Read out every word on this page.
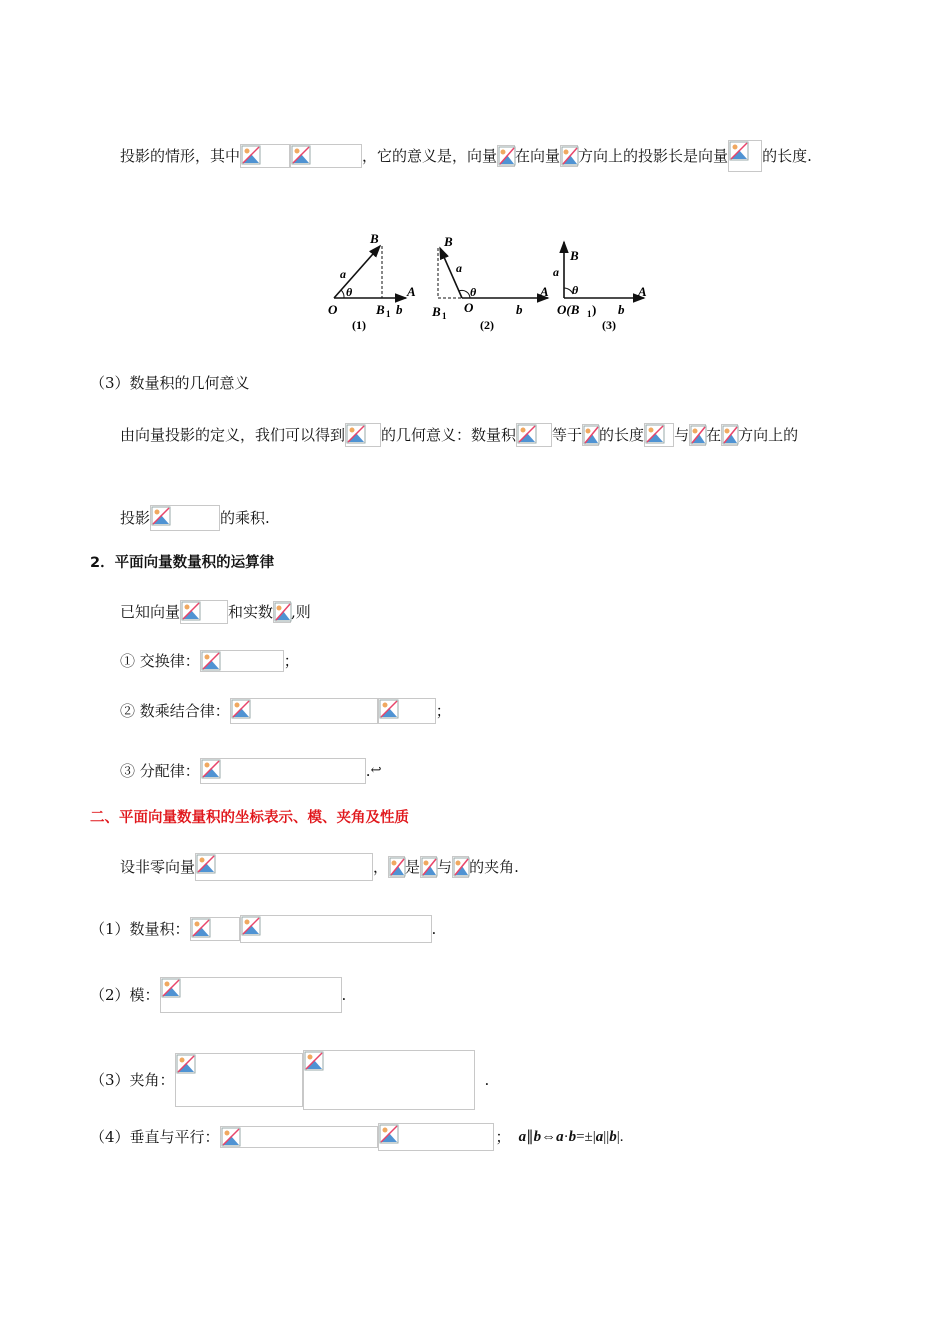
投影的情形，其中	，它的意义是，向量 在向量 方向上的投影长是向量 的长度.
B
a
θ
O	B 1 b
A
(1)
B
a
θ
B 1
O	b
A
(2)
B
a
θ
O(B 1 ) b
A
(3)
（3）数量积的几何意义
由向量投影的定义，我们可以得到 的几何意义：数量积 等于 的长度 与 在 方向上的
投影	的乘积.
2．平面向量数量积的运算律
已知向量	和实数 ,则
① 交换律：	；
② 数乘结合律：	；
③ 分配律：	.↩
二、平面向量数量积的坐标表示、模、夹角及性质
设非零向量	， 是 与 的夹角.
（1）数量积：	.
（2）模：	.
（3）夹角：	.
（4）垂直与平行：	； a∥b⇔a·b=±|a||b|.
